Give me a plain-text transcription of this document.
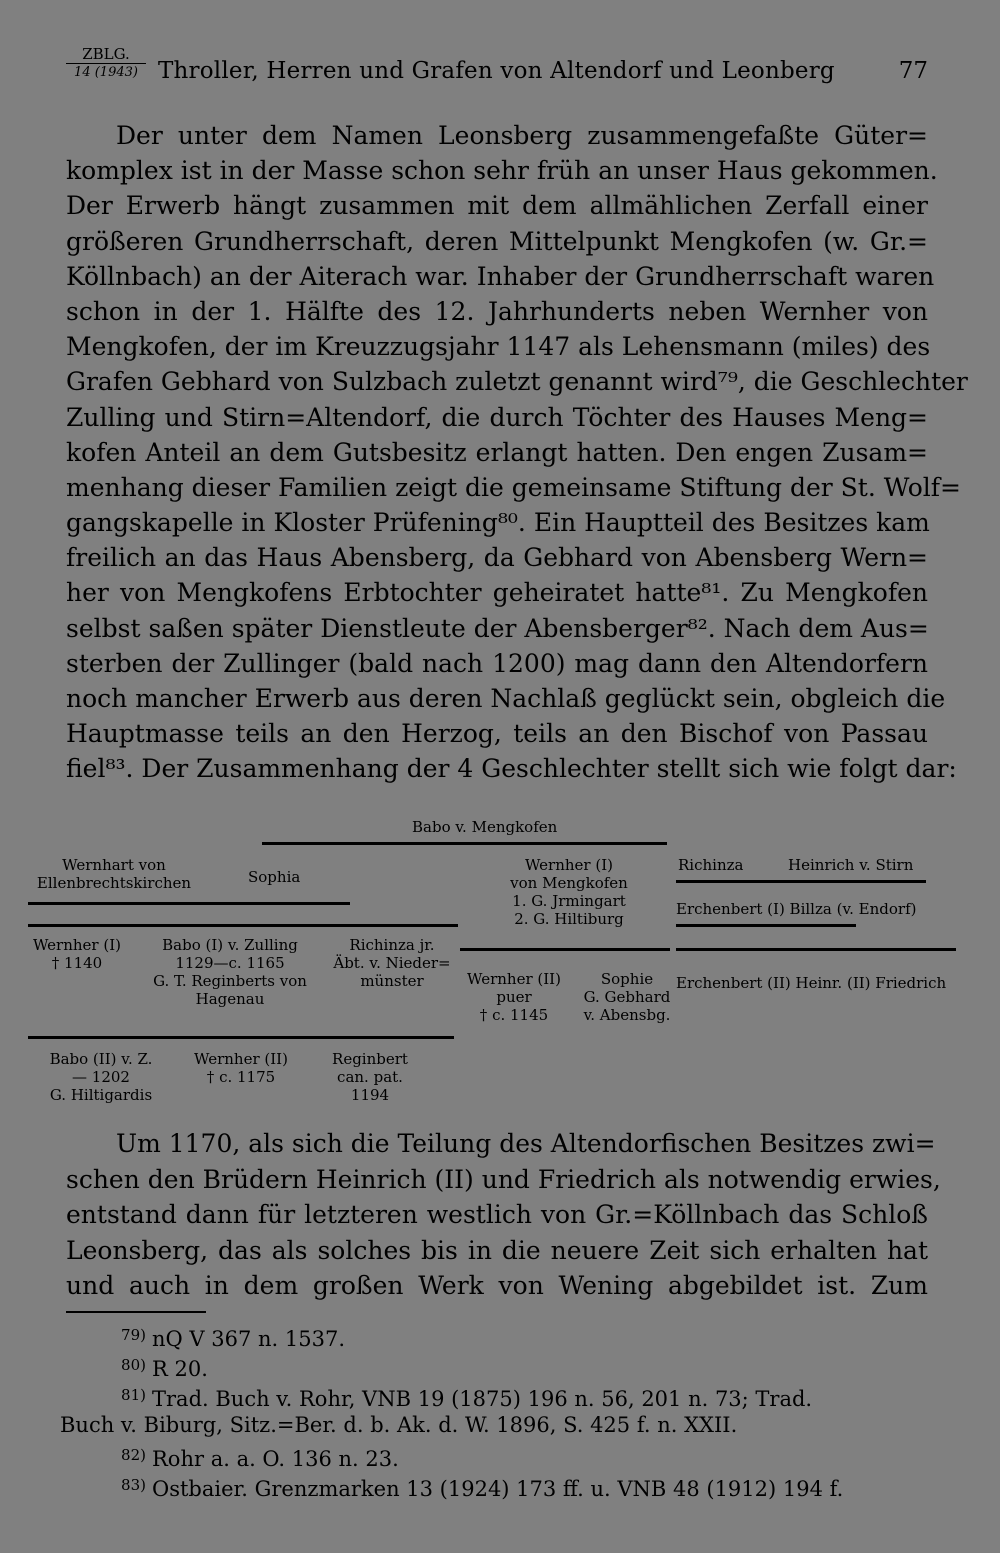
ZBLG.
14 (1943) Throller, Herren und Grafen von Altendorf und Leonberg	77
Der unter dem Namen Leonsberg zusammengefaßte Güter=
komplex ist in der Masse schon sehr früh an unser Haus gekommen.
Der Erwerb hängt zusammen mit dem allmählichen Zerfall einer
größeren Grundherrschaft, deren Mittelpunkt Mengkofen (w. Gr.=
Köllnbach) an der Aiterach war. Inhaber der Grundherrschaft waren
schon in der 1. Hälfte des 12. Jahrhunderts neben Wernher von
Mengkofen, der im Kreuzzugsjahr 1147 als Lehensmann (miles) des
Grafen Gebhard von Sulzbach zuletzt genannt wird⁷⁹, die Geschlechter
Zulling und Stirn=Altendorf, die durch Töchter des Hauses Meng=
kofen Anteil an dem Gutsbesitz erlangt hatten. Den engen Zusam=
menhang dieser Familien zeigt die gemeinsame Stiftung der St. Wolf=
gangskapelle in Kloster Prüfening⁸⁰. Ein Hauptteil des Besitzes kam
freilich an das Haus Abensberg, da Gebhard von Abensberg Wern=
her von Mengkofens Erbtochter geheiratet hatte⁸¹. Zu Mengkofen
selbst saßen später Dienstleute der Abensberger⁸². Nach dem Aus=
sterben der Zullinger (bald nach 1200) mag dann den Altendorfern
noch mancher Erwerb aus deren Nachlaß geglückt sein, obgleich die
Hauptmasse teils an den Herzog, teils an den Bischof von Passau
fiel⁸³. Der Zusammenhang der 4 Geschlechter stellt sich wie folgt dar:
Babo v. Mengkofen
Wernhart von
Ellenbrechtskirchen	Sophia
Wernher (I)
von Mengkofen
1. G. Jrmingart
2. G. Hiltiburg
Richinza	Heinrich v. Stirn
Erchenbert (I) Billza (v. Endorf)
Wernher (I)
† 1140
Babo (I) v. Zulling
1129—c. 1165
G. T. Reginberts von
Hagenau
Richinza jr.
Äbt. v. Nieder=
münster	Wernher (II)
puer
† c. 1145
Sophie
G. Gebhard
v. Abensbg.
Erchenbert (II) Heinr. (II) Friedrich
Babo (II) v. Z.
— 1202
G. Hiltigardis
Wernher (II)
† c. 1175
Reginbert
can. pat.
1194
Um 1170, als sich die Teilung des Altendorfischen Besitzes zwi=
schen den Brüdern Heinrich (II) und Friedrich als notwendig erwies,
entstand dann für letzteren westlich von Gr.=Köllnbach das Schloß
Leonsberg, das als solches bis in die neuere Zeit sich erhalten hat
und auch in dem großen Werk von Wening abgebildet ist. Zum
79) nQ V 367 n. 1537.
80) R 20.
81) Trad. Buch v. Rohr, VNB 19 (1875) 196 n. 56, 201 n. 73; Trad.
Buch v. Biburg, Sitz.=Ber. d. b. Ak. d. W. 1896, S. 425 f. n. XXII.
82) Rohr a. a. O. 136 n. 23.
83) Ostbaier. Grenzmarken 13 (1924) 173 ff. u. VNB 48 (1912) 194 f.
